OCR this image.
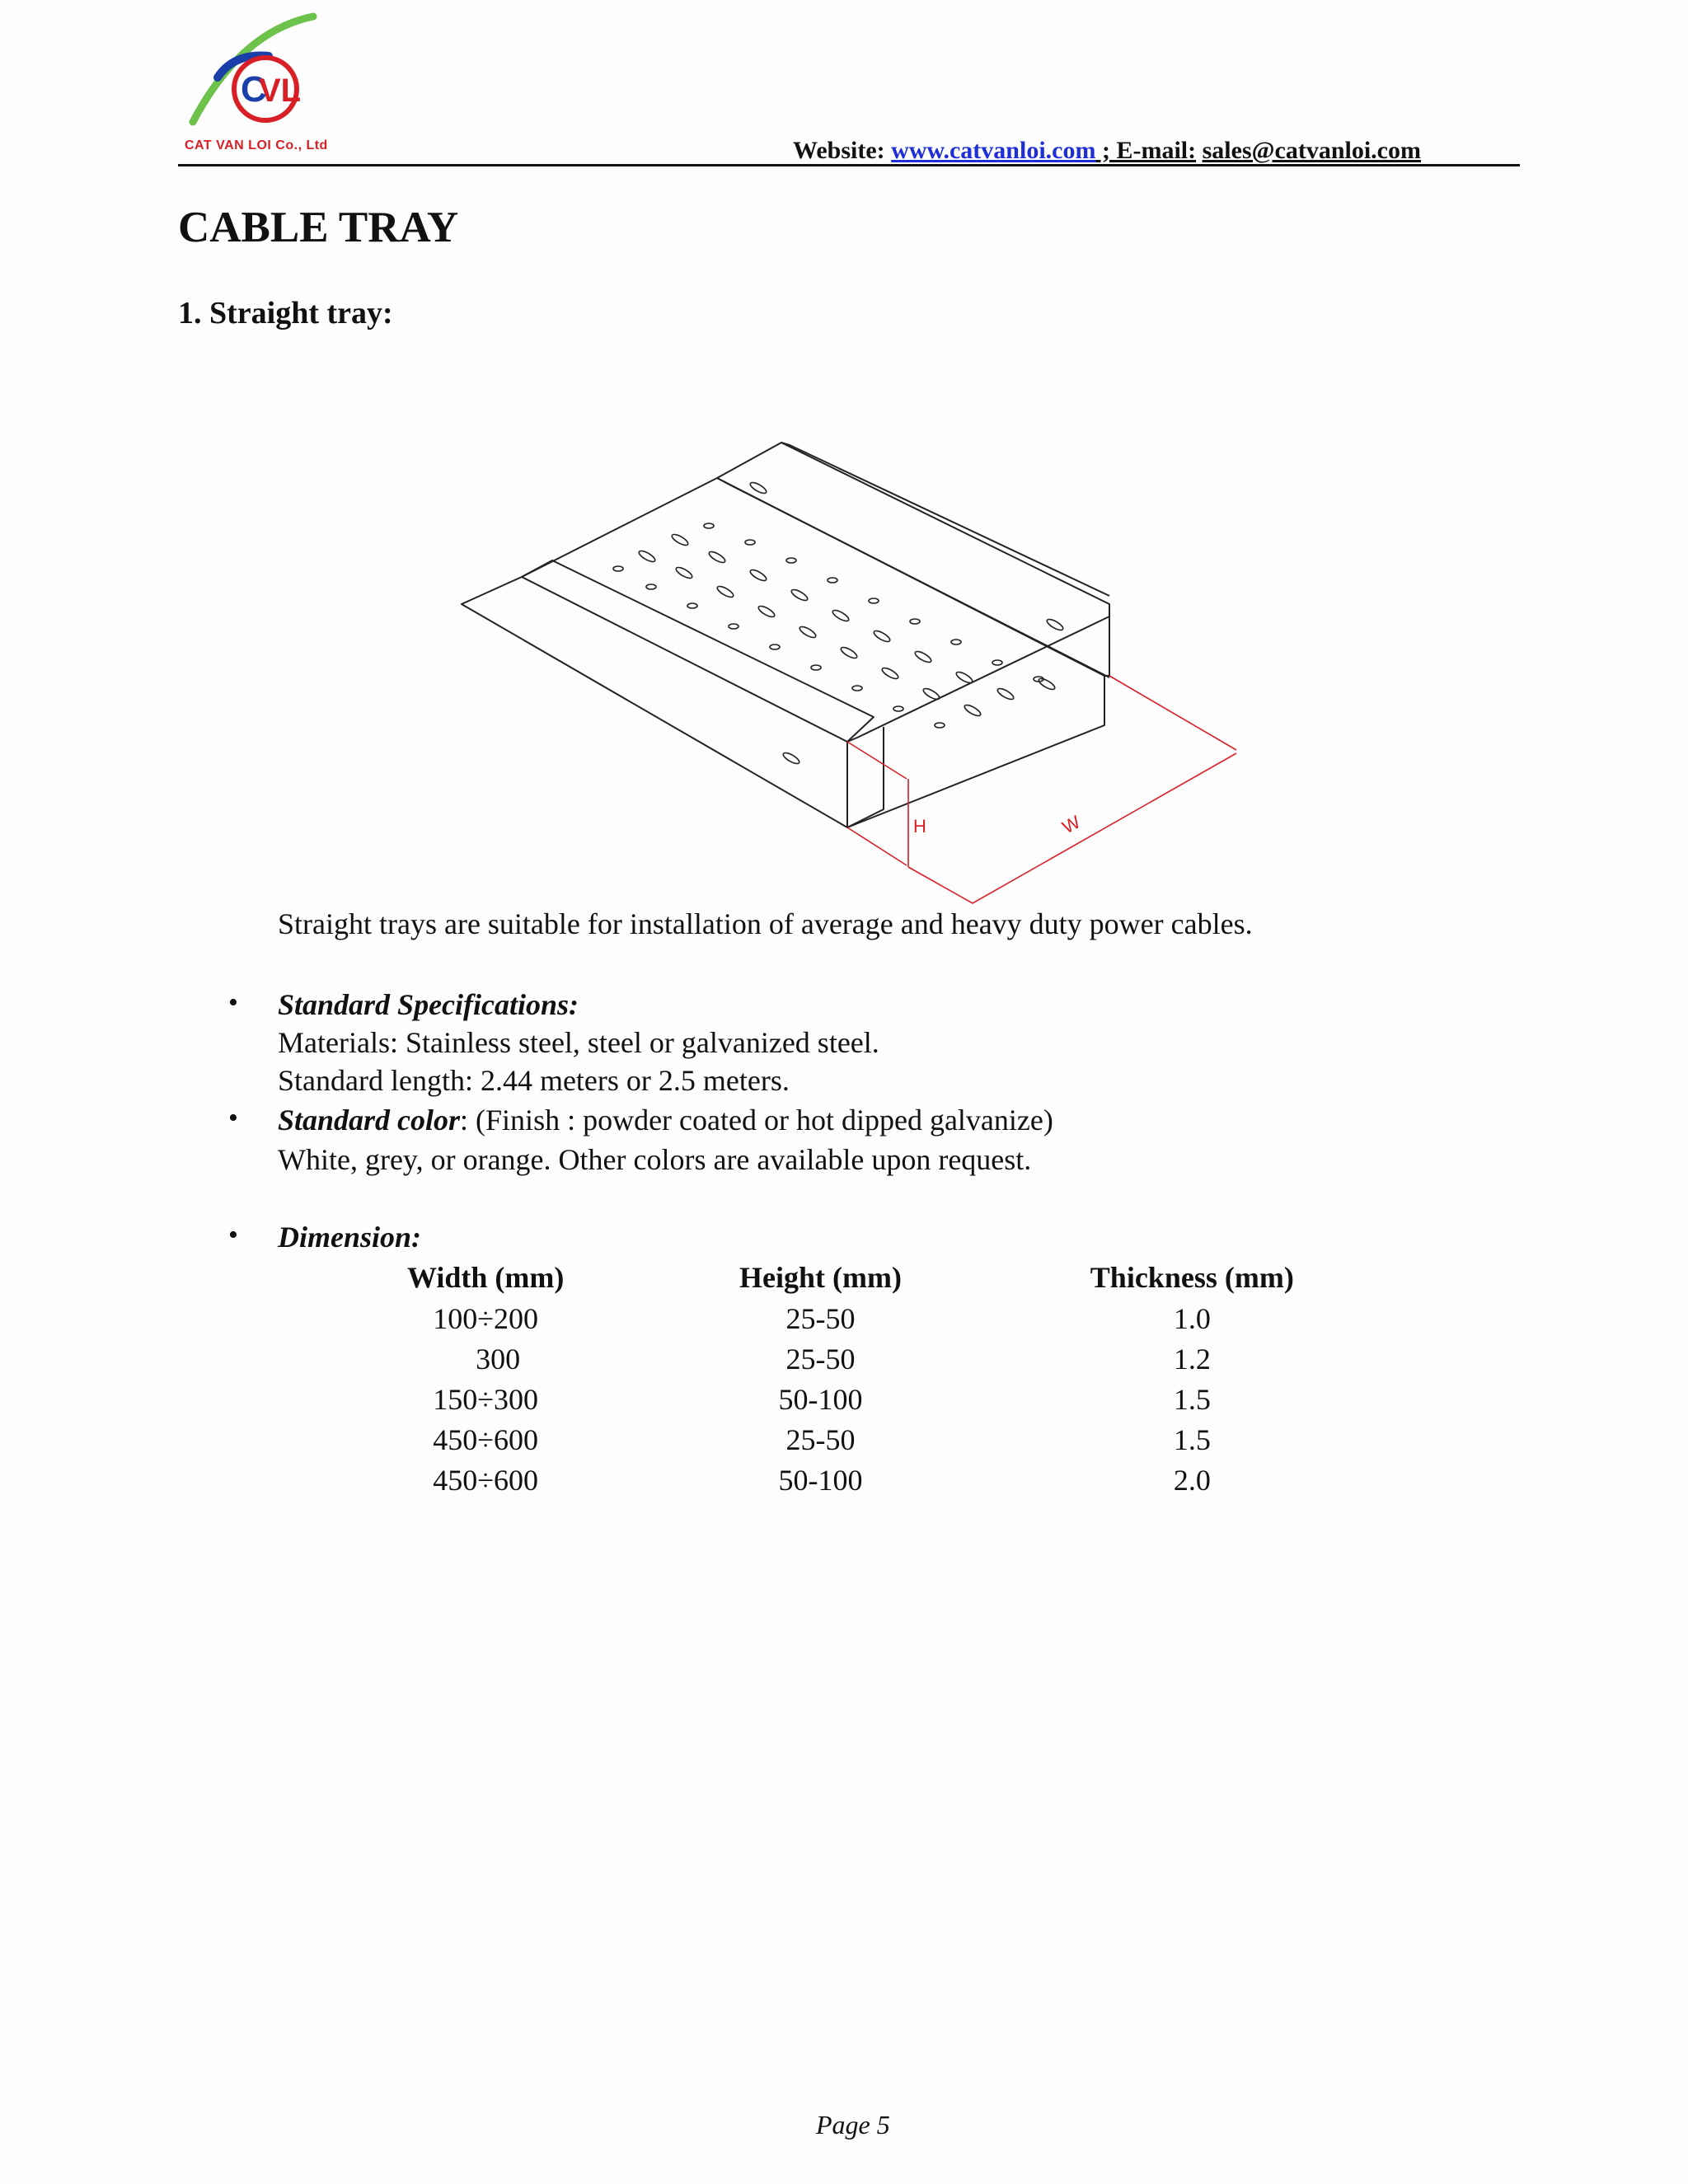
C
VL
CAT VAN LOI Co., Ltd	Website: www.catvanloi.com ; E-mail: sales@catvanloi.com
CABLE TRAY
1. Straight tray:
H	W

Straight trays are suitable for installation of average and heavy duty power cables.

• Standard Specifications:
Materials: Stainless steel, steel or galvanized steel.
Standard length: 2.44 meters or 2.5 meters.
• Standard color: (Finish : powder coated or hot dipped galvanize)
White, grey, or orange. Other colors are available upon request.
• Dimension:
Width (mm)	Height (mm)	Thickness (mm)
100÷200	25-50	1.0
300	25-50	1.2
150÷300	50-100	1.5
450÷600	25-50	1.5
450÷600	50-100	2.0
Page 5
